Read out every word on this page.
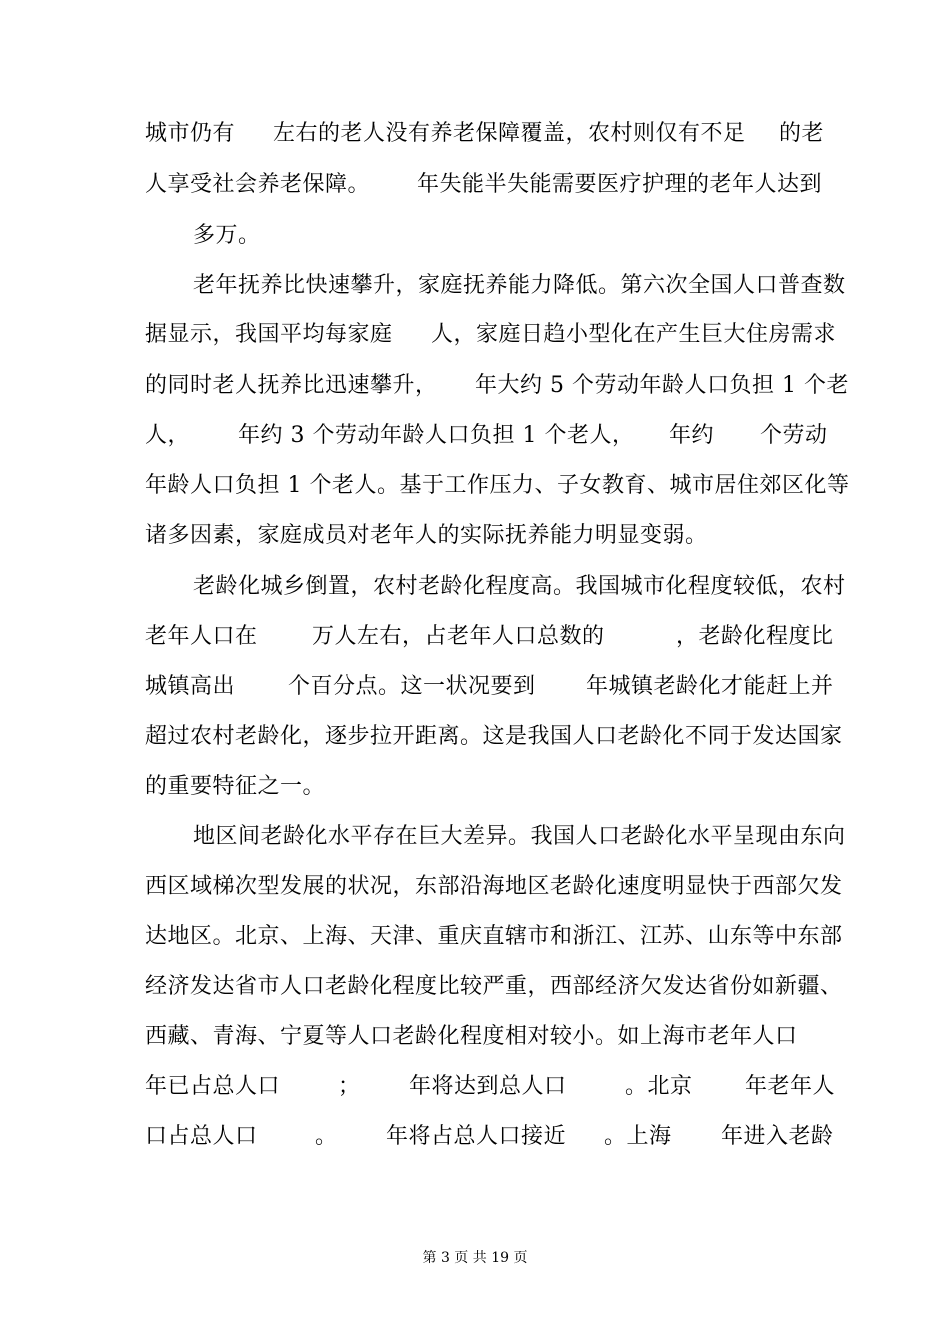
城市仍有

左右的老人没有养老保障覆盖，农村则仅有不足

的老

人享受社会养老保障。

年失能半失能需要医疗护理的老年人达到

多万。

老年抚养比快速攀升，家庭抚养能力降低。第六次全国人口普查数

据显示，我国平均每家庭

人，家庭日趋小型化在产生巨大住房需求

的同时老人抚养比迅速攀升，

年大约 5 个劳动年龄人口负担 1 个老

人，

年约 3 个劳动年龄人口负担 1 个老人，

年约

个劳动

年龄人口负担 1 个老人。基于工作压力、子女教育、城市居住郊区化等

诸多因素，家庭成员对老年人的实际抚养能力明显变弱。

老龄化城乡倒置，农村老龄化程度高。我国城市化程度较低，农村

老年人口在

万人左右，占老年人口总数的

	，老龄化程度比

城镇高出

个百分点。这一状况要到

年城镇老龄化才能赶上并

超过农村老龄化，逐步拉开距离。这是我国人口老龄化不同于发达国家

的重要特征之一。

地区间老龄化水平存在巨大差异。我国人口老龄化水平呈现由东向

西区域梯次型发展的状况，东部沿海地区老龄化速度明显快于西部欠发

达地区。北京、上海、天津、重庆直辖市和浙江、江苏、山东等中东部

经济发达省市人口老龄化程度比较严重，西部经济欠发达省份如新疆、

西藏、青海、宁夏等人口老龄化程度相对较小。如上海市老年人口

年已占总人口

	；

年将达到总人口

	。北京

年老年人

口占总人口

	。

年将占总人口接近

。上海

年进入老龄

第 3 页 共 19 页
